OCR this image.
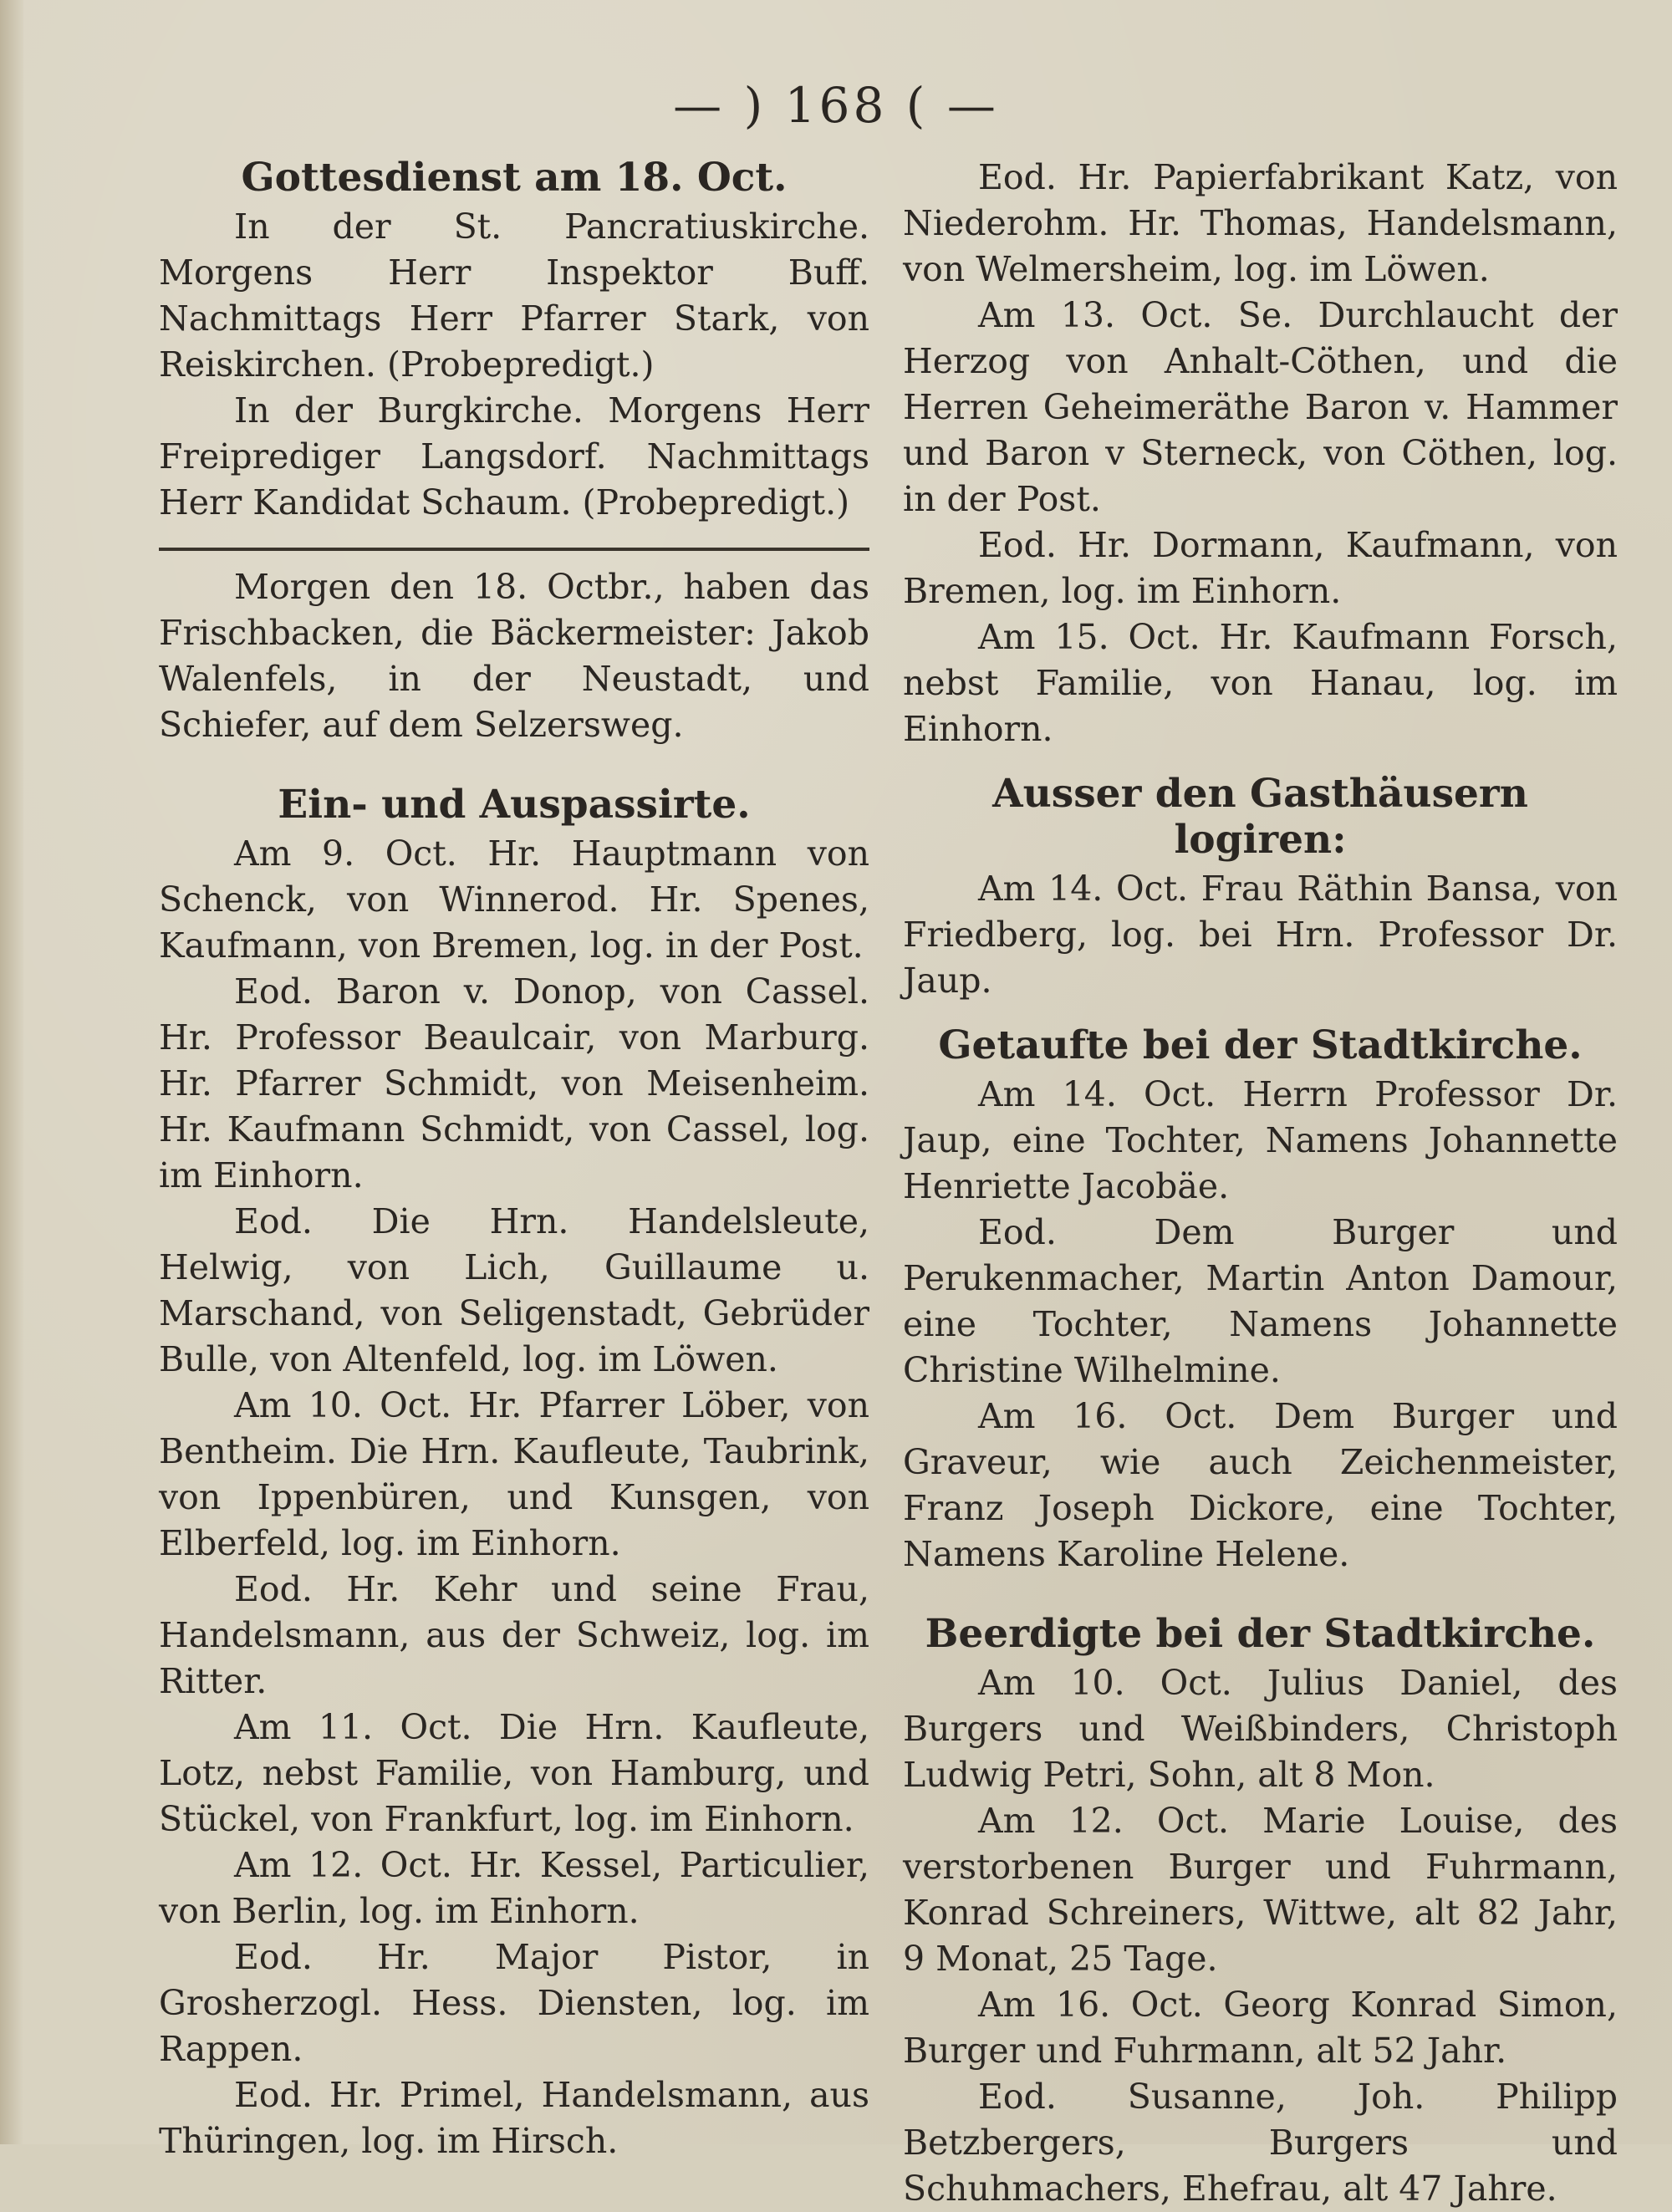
— ) 168 ( —
Gottesdienst am 18. Oct.

In der St. Pancratiuskirche. Morgens Herr Inspektor Buff. Nachmittags Herr Pfarrer Stark, von Reiskirchen. (Probepredigt.)

In der Burgkirche. Morgens Herr Freiprediger Langsdorf. Nachmittags Herr Kandidat Schaum. (Probepredigt.)

Morgen den 18. Octbr., haben das Frischbacken, die Bäckermeister: Jakob Walenfels, in der Neustadt, und Schiefer, auf dem Selzersweg.

Ein- und Auspassirte.

Am 9. Oct. Hr. Hauptmann von Schenck, von Winnerod. Hr. Spenes, Kaufmann, von Bremen, log. in der Post.

Eod. Baron v. Donop, von Cassel. Hr. Professor Beaulcair, von Marburg. Hr. Pfarrer Schmidt, von Meisenheim. Hr. Kaufmann Schmidt, von Cassel, log. im Einhorn.

Eod. Die Hrn. Handelsleute, Helwig, von Lich, Guillaume u. Marschand, von Seligenstadt, Gebrüder Bulle, von Altenfeld, log. im Löwen.

Am 10. Oct. Hr. Pfarrer Löber, von Bentheim. Die Hrn. Kaufleute, Taubrink, von Ippenbüren, und Kunsgen, von Elberfeld, log. im Einhorn.

Eod. Hr. Kehr und seine Frau, Handelsmann, aus der Schweiz, log. im Ritter.

Am 11. Oct. Die Hrn. Kaufleute, Lotz, nebst Familie, von Hamburg, und Stückel, von Frankfurt, log. im Einhorn.

Am 12. Oct. Hr. Kessel, Particulier, von Berlin, log. im Einhorn.

Eod. Hr. Major Pistor, in Grosherzogl. Hess. Diensten, log. im Rappen.

Eod. Hr. Primel, Handelsmann, aus Thüringen, log. im Hirsch.

Eod. Hr. Papierfabrikant Katz, von Niederohm. Hr. Thomas, Handelsmann, von Welmersheim, log. im Löwen.

Am 13. Oct. Se. Durchlaucht der Herzog von Anhalt-Cöthen, und die Herren Geheimeräthe Baron v. Hammer und Baron v Sterneck, von Cöthen, log. in der Post.

Eod. Hr. Dormann, Kaufmann, von Bremen, log. im Einhorn.

Am 15. Oct. Hr. Kaufmann Forsch, nebst Familie, von Hanau, log. im Einhorn.

Ausser den Gasthäusern logiren:

Am 14. Oct. Frau Räthin Bansa, von Friedberg, log. bei Hrn. Professor Dr. Jaup.

Getaufte bei der Stadtkirche.

Am 14. Oct. Herrn Professor Dr. Jaup, eine Tochter, Namens Johannette Henriette Jacobäe.

Eod. Dem Burger und Perukenmacher, Martin Anton Damour, eine Tochter, Namens Johannette Christine Wilhelmine.

Am 16. Oct. Dem Burger und Graveur, wie auch Zeichenmeister, Franz Joseph Dickore, eine Tochter, Namens Karoline Helene.

Beerdigte bei der Stadtkirche.

Am 10. Oct. Julius Daniel, des Burgers und Weißbinders, Christoph Ludwig Petri, Sohn, alt 8 Mon.

Am 12. Oct. Marie Louise, des verstorbenen Burger und Fuhrmann, Konrad Schreiners, Wittwe, alt 82 Jahr, 9 Monat, 25 Tage.

Am 16. Oct. Georg Konrad Simon, Burger und Fuhrmann, alt 52 Jahr.

Eod. Susanne, Joh. Philipp Betzbergers, Burgers und Schuhmachers, Ehefrau, alt 47 Jahre.
